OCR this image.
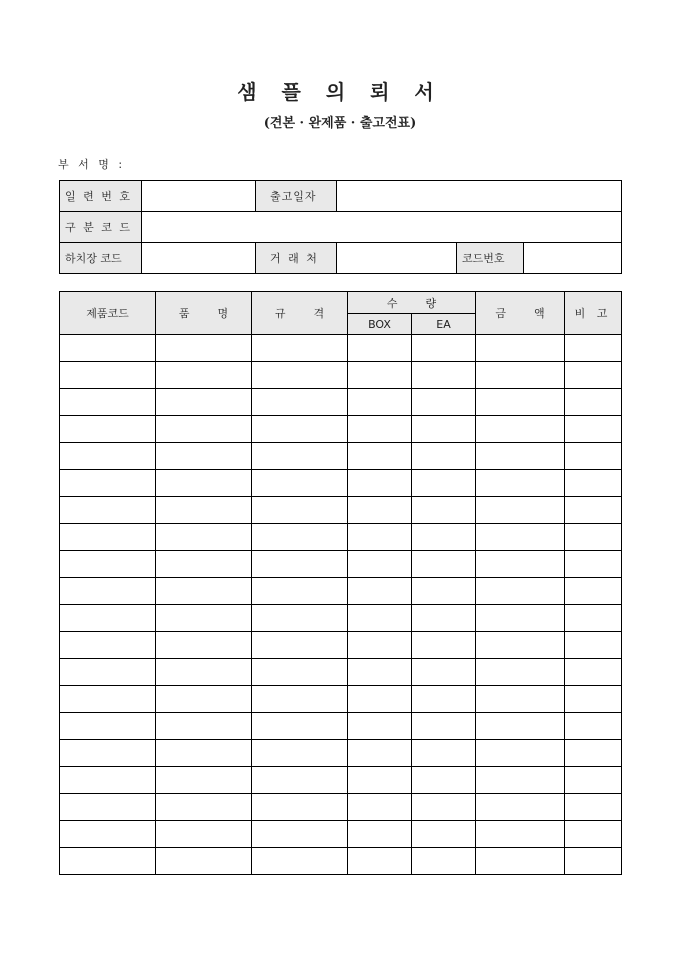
샘 플 의 뢰 서
(견본 · 완제품 · 출고전표)
부 서 명 :
일 련 번 호		출고일자			
구 분 코 드					
하치장 코드		거 래 처		코드번호	
제품코드	품 명	규 격	수 량		금 액	비 고
			BOX	EA		
